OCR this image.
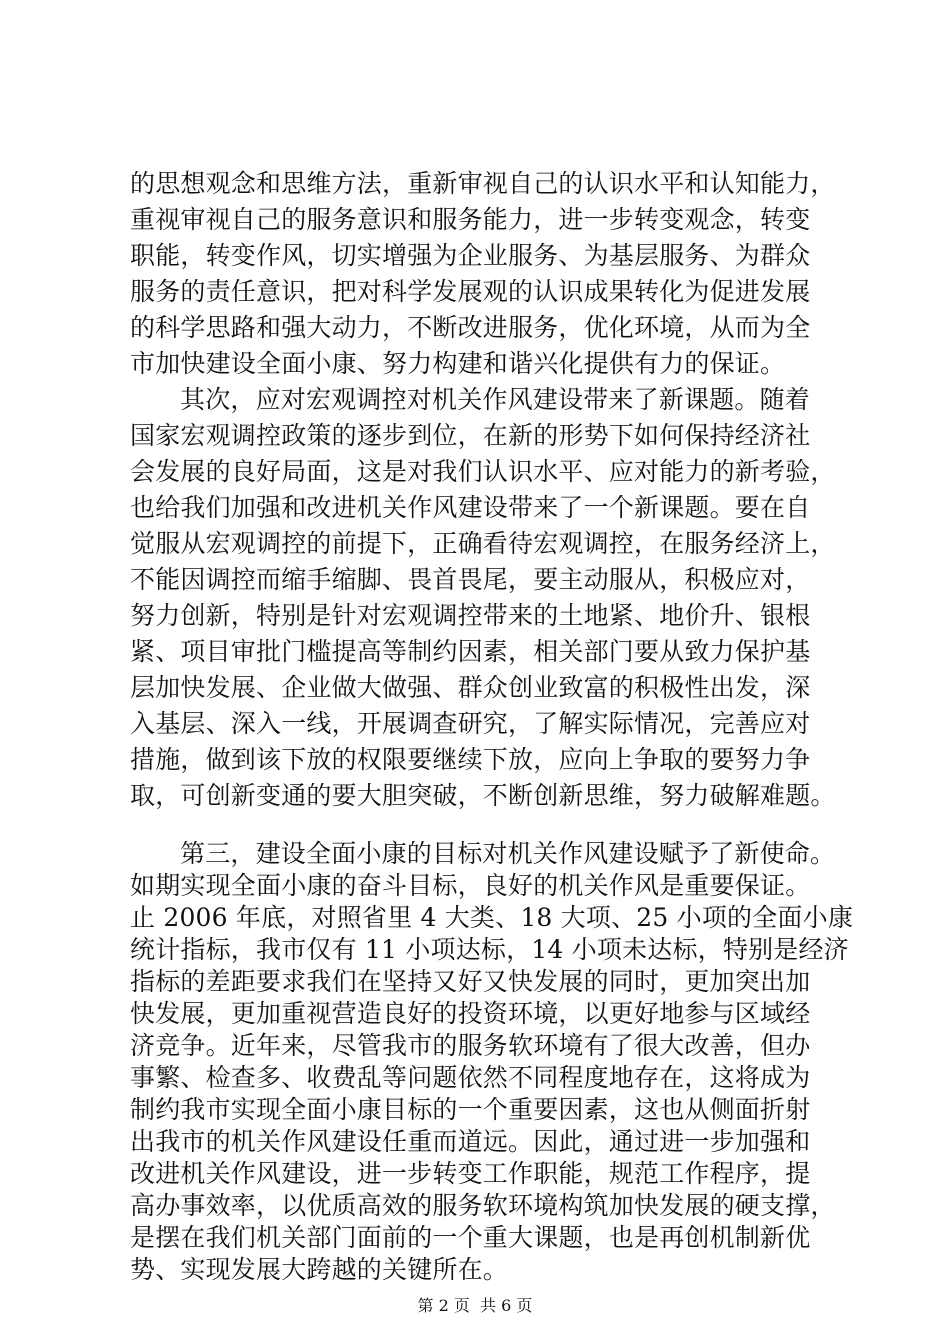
的思想观念和思维方法，重新审视自己的认识水平和认知能力，
重视审视自己的服务意识和服务能力，进一步转变观念，转变
职能，转变作风，切实增强为企业服务、为基层服务、为群众
服务的责任意识，把对科学发展观的认识成果转化为促进发展
的科学思路和强大动力，不断改进服务，优化环境，从而为全
市加快建设全面小康、努力构建和谐兴化提供有力的保证。
其次，应对宏观调控对机关作风建设带来了新课题。随着
国家宏观调控政策的逐步到位，在新的形势下如何保持经济社
会发展的良好局面，这是对我们认识水平、应对能力的新考验，
也给我们加强和改进机关作风建设带来了一个新课题。要在自
觉服从宏观调控的前提下，正确看待宏观调控，在服务经济上，
不能因调控而缩手缩脚、畏首畏尾，要主动服从，积极应对，
努力创新，特别是针对宏观调控带来的土地紧、地价升、银根
紧、项目审批门槛提高等制约因素，相关部门要从致力保护基
层加快发展、企业做大做强、群众创业致富的积极性出发，深
入基层、深入一线，开展调查研究，了解实际情况，完善应对
措施，做到该下放的权限要继续下放，应向上争取的要努力争
取，可创新变通的要大胆突破，不断创新思维，努力破解难题。
第三，建设全面小康的目标对机关作风建设赋予了新使命。
如期实现全面小康的奋斗目标，良好的机关作风是重要保证。
止 2006 年底，对照省里 4 大类、18 大项、25 小项的全面小康
统计指标，我市仅有 11 小项达标，14 小项未达标，特别是经济
指标的差距要求我们在坚持又好又快发展的同时，更加突出加
快发展，更加重视营造良好的投资环境，以更好地参与区域经
济竞争。近年来，尽管我市的服务软环境有了很大改善，但办
事繁、检查多、收费乱等问题依然不同程度地存在，这将成为
制约我市实现全面小康目标的一个重要因素，这也从侧面折射
出我市的机关作风建设任重而道远。因此，通过进一步加强和
改进机关作风建设，进一步转变工作职能，规范工作程序，提
高办事效率，以优质高效的服务软环境构筑加快发展的硬支撑，
是摆在我们机关部门面前的一个重大课题，也是再创机制新优
第 2 页  共 6 页
势、实现发展大跨越的关键所在。
